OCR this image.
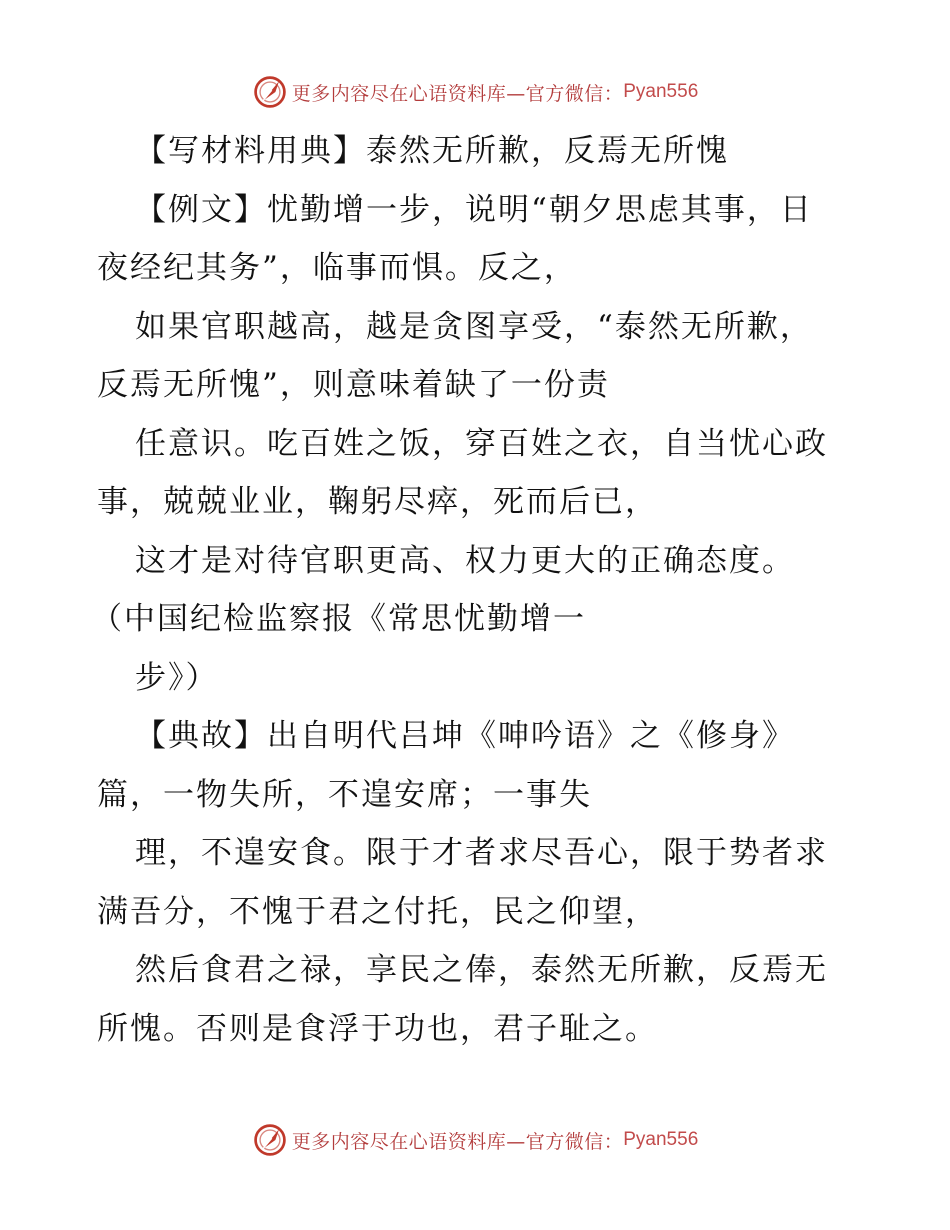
更多内容尽在心语资料库—官方微信： Pyan556
【写材料用典】泰然无所歉，反焉无所愧
【例文】忧勤增一步，说明“朝夕思虑其事，日
夜经纪其务”，临事而惧。反之，
如果官职越高，越是贪图享受，“泰然无所歉，
反焉无所愧”，则意味着缺了一份责
任意识。吃百姓之饭，穿百姓之衣，自当忧心政
事，兢兢业业，鞠躬尽瘁，死而后已，
这才是对待官职更高、权力更大的正确态度。
（中国纪检监察报《常思忧勤增一
步》）
【典故】出自明代吕坤《呻吟语》之《修身》
篇，一物失所，不遑安席；一事失
理，不遑安食。限于才者求尽吾心，限于势者求
满吾分，不愧于君之付托，民之仰望，
然后食君之禄，享民之俸，泰然无所歉，反焉无
所愧。否则是食浮于功也，君子耻之。
更多内容尽在心语资料库—官方微信： Pyan556
